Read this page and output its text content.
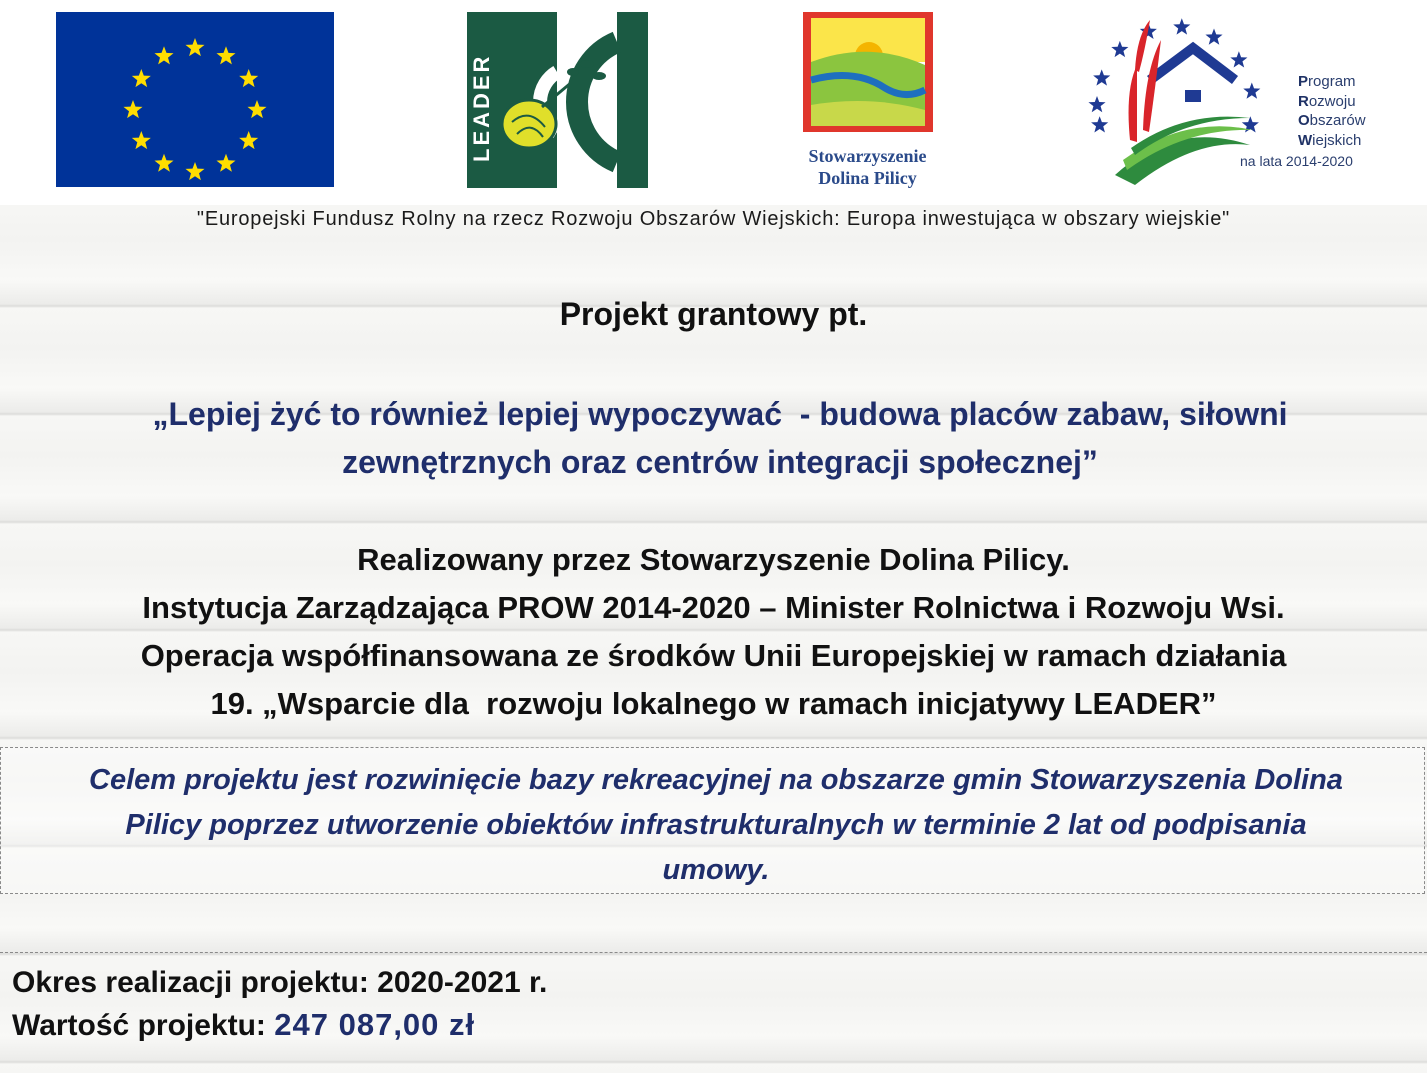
LEADER	Stowarzyszenie
Dolina Pilicy
Program
Rozwoju
Obszarów
Wiejskich
na lata 2014-2020
"Europejski Fundusz Rolny na rzecz Rozwoju Obszarów Wiejskich: Europa inwestująca w obszary wiejskie"
Projekt grantowy pt.
„Lepiej żyć to również lepiej wypoczywać  - budowa placów zabaw, siłowni
zewnętrznych oraz centrów integracji społecznej”
Realizowany przez Stowarzyszenie Dolina Pilicy.
Instytucja Zarządzająca PROW 2014-2020 – Minister Rolnictwa i Rozwoju Wsi.
Operacja współfinansowana ze środków Unii Europejskiej w ramach działania
19. „Wsparcie dla  rozwoju lokalnego w ramach inicjatywy LEADER”
Celem projektu jest rozwinięcie bazy rekreacyjnej na obszarze gmin Stowarzyszenia Dolina
Pilicy poprzez utworzenie obiektów infrastrukturalnych w terminie 2 lat od podpisania
umowy.
Okres realizacji projektu: 2020-2021 r.
Wartość projektu: 247 087,00 zł
